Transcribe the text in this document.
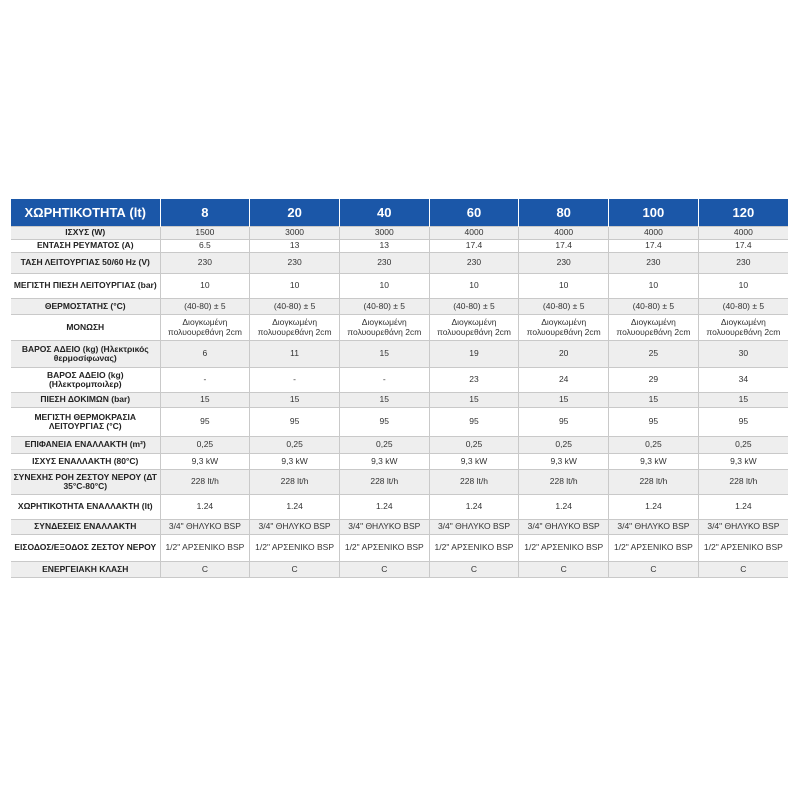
ΧΩΡΗΤΙΚΟΤΗΤΑ (lt)	8	20	40	60	80	100	120
ΙΣΧΥΣ (W)	1500	3000	3000	4000	4000	4000	4000
ΕΝΤΑΣΗ ΡΕΥΜΑΤΟΣ (A)	6.5	13	13	17.4	17.4	17.4	17.4
ΤΑΣΗ ΛΕΙΤΟΥΡΓΙΑΣ 50/60 Hz (V)	230	230	230	230	230	230	230
ΜΕΓΙΣΤΗ ΠΙΕΣΗ ΛΕΙΤΟΥΡΓΙΑΣ (bar)	10	10	10	10	10	10	10
ΘΕΡΜΟΣΤΑΤΗΣ (°C)	(40-80) ± 5	(40-80) ± 5	(40-80) ± 5	(40-80) ± 5	(40-80) ± 5	(40-80) ± 5	(40-80) ± 5
ΜΟΝΩΣΗ	Διογκωμένη πολυουρεθάνη 2cm	Διογκωμένη πολυουρεθάνη 2cm	Διογκωμένη πολυουρεθάνη 2cm	Διογκωμένη πολυουρεθάνη 2cm	Διογκωμένη πολυουρεθάνη 2cm	Διογκωμένη πολυουρεθάνη 2cm	Διογκωμένη πολυουρεθάνη 2cm
ΒΑΡΟΣ ΑΔΕΙΟ (kg) (Ηλεκτρικός θερμοσίφωνας)	6	11	15	19	20	25	30
ΒΑΡΟΣ ΑΔΕΙΟ (kg) (Ηλεκτρομποιλερ)	-	-	-	23	24	29	34
ΠΙΕΣΗ ΔΟΚΙΜΩΝ (bar)	15	15	15	15	15	15	15
ΜΕΓΙΣΤΗ ΘΕΡΜΟΚΡΑΣΙΑ ΛΕΙΤΟΥΡΓΙΑΣ (°C)	95	95	95	95	95	95	95
ΕΠΙΦΑΝΕΙΑ ΕΝΑΛΛΑΚΤΗ (m²)	0,25	0,25	0,25	0,25	0,25	0,25	0,25
ΙΣΧΥΣ ΕΝΑΛΛΑΚΤΗ (80°C)	9,3 kW	9,3 kW	9,3 kW	9,3 kW	9,3 kW	9,3 kW	9,3 kW
ΣΥΝΕΧΗΣ ΡΟΗ ΖΕΣΤΟΥ ΝΕΡΟΥ (ΔΤ 35°C-80°C)	228 lt/h	228 lt/h	228 lt/h	228 lt/h	228 lt/h	228 lt/h	228 lt/h
ΧΩΡΗΤΙΚΟΤΗΤΑ ΕΝΑΛΛΑΚΤΗ (lt)	1.24	1.24	1.24	1.24	1.24	1.24	1.24
ΣΥΝΔΕΣΕΙΣ ΕΝΑΛΛΑΚΤΗ	3/4" ΘΗΛΥΚΟ BSP	3/4" ΘΗΛΥΚΟ BSP	3/4" ΘΗΛΥΚΟ BSP	3/4" ΘΗΛΥΚΟ BSP	3/4" ΘΗΛΥΚΟ BSP	3/4" ΘΗΛΥΚΟ BSP	3/4" ΘΗΛΥΚΟ BSP
ΕΙΣΟΔΟΣ/ΕΞΟΔΟΣ ΖΕΣΤΟΥ ΝΕΡΟΥ	1/2" ΑΡΣΕΝΙΚΟ BSP	1/2" ΑΡΣΕΝΙΚΟ BSP	1/2" ΑΡΣΕΝΙΚΟ BSP	1/2" ΑΡΣΕΝΙΚΟ BSP	1/2" ΑΡΣΕΝΙΚΟ BSP	1/2" ΑΡΣΕΝΙΚΟ BSP	1/2" ΑΡΣΕΝΙΚΟ BSP
ΕΝΕΡΓΕΙΑΚΗ ΚΛΑΣΗ	C	C	C	C	C	C	C
